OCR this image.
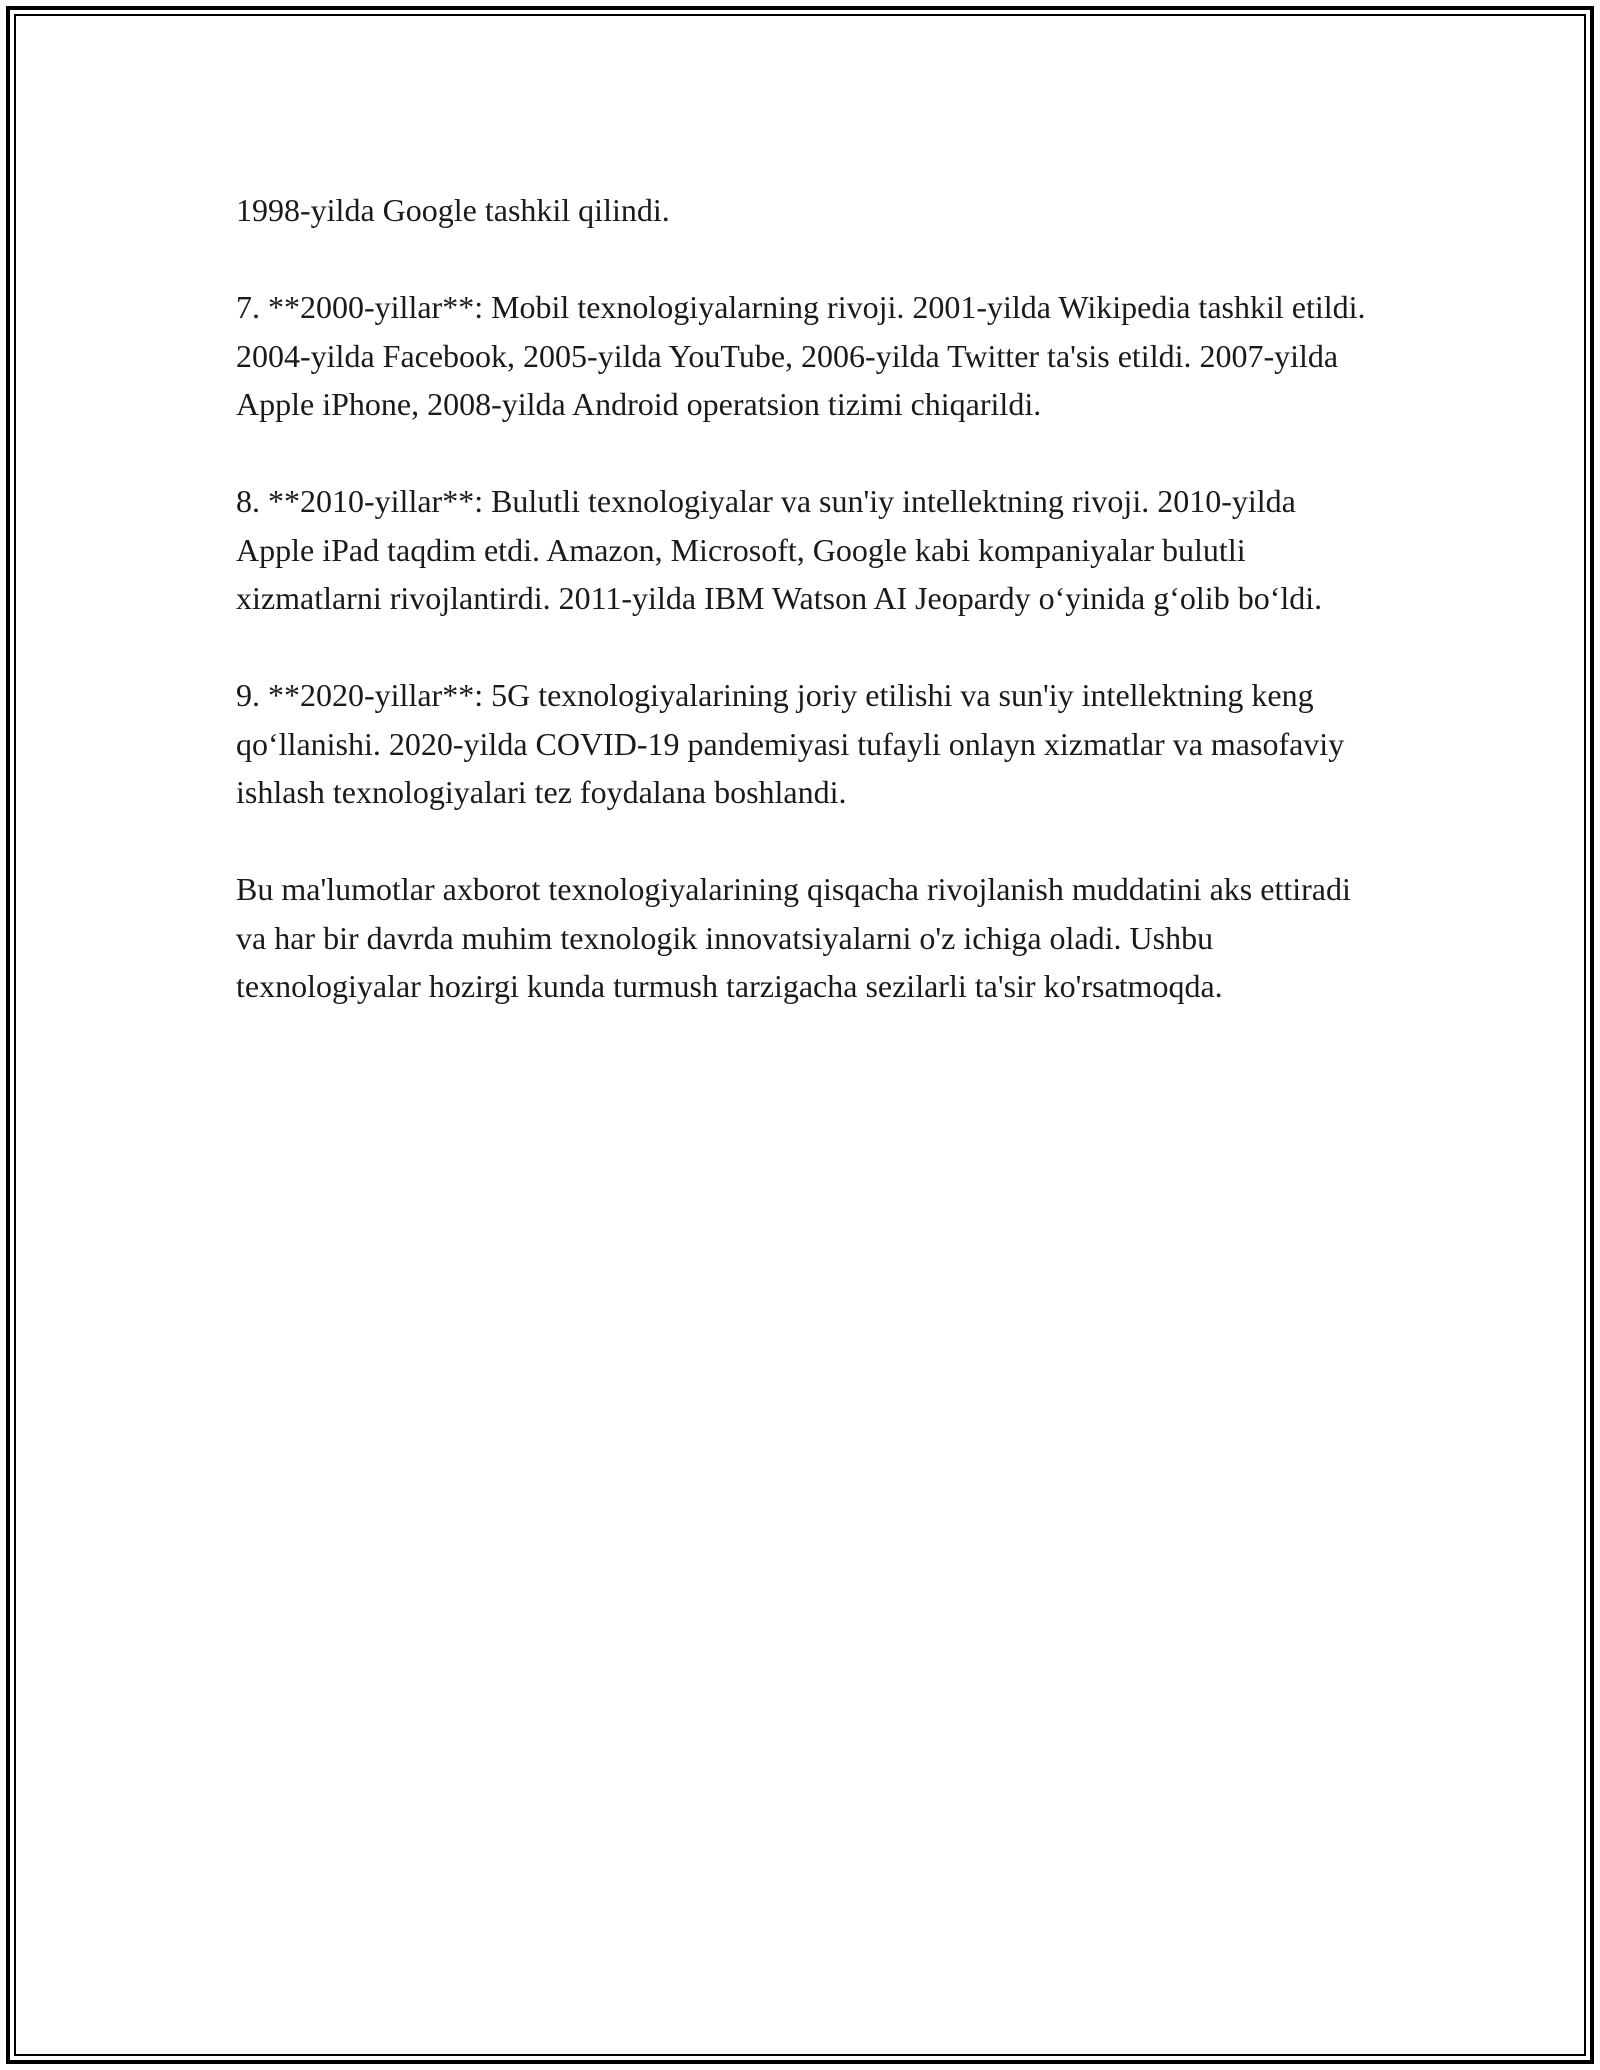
1998-yilda Google tashkil qilindi.

7. **2000-yillar**: Mobil texnologiyalarning rivoji. 2001-yilda Wikipedia tashkil etildi. 2004-yilda Facebook, 2005-yilda YouTube, 2006-yilda Twitter ta'sis etildi. 2007-yilda Apple iPhone, 2008-yilda Android operatsion tizimi chiqarildi.

8. **2010-yillar**: Bulutli texnologiyalar va sun'iy intellektning rivoji. 2010-yilda Apple iPad taqdim etdi. Amazon, Microsoft, Google kabi kompaniyalar bulutli xizmatlarni rivojlantirdi. 2011-yilda IBM Watson AI Jeopardy o‘yinida g‘olib bo‘ldi.

9. **2020-yillar**: 5G texnologiyalarining joriy etilishi va sun'iy intellektning keng qo‘llanishi. 2020-yilda COVID-19 pandemiyasi tufayli onlayn xizmatlar va masofaviy ishlash texnologiyalari tez foydalana boshlandi.

Bu ma'lumotlar axborot texnologiyalarining qisqacha rivojlanish muddatini aks ettiradi va har bir davrda muhim texnologik innovatsiyalarni o'z ichiga oladi. Ushbu texnologiyalar hozirgi kunda turmush tarzigacha sezilarli ta'sir ko'rsatmoqda.
